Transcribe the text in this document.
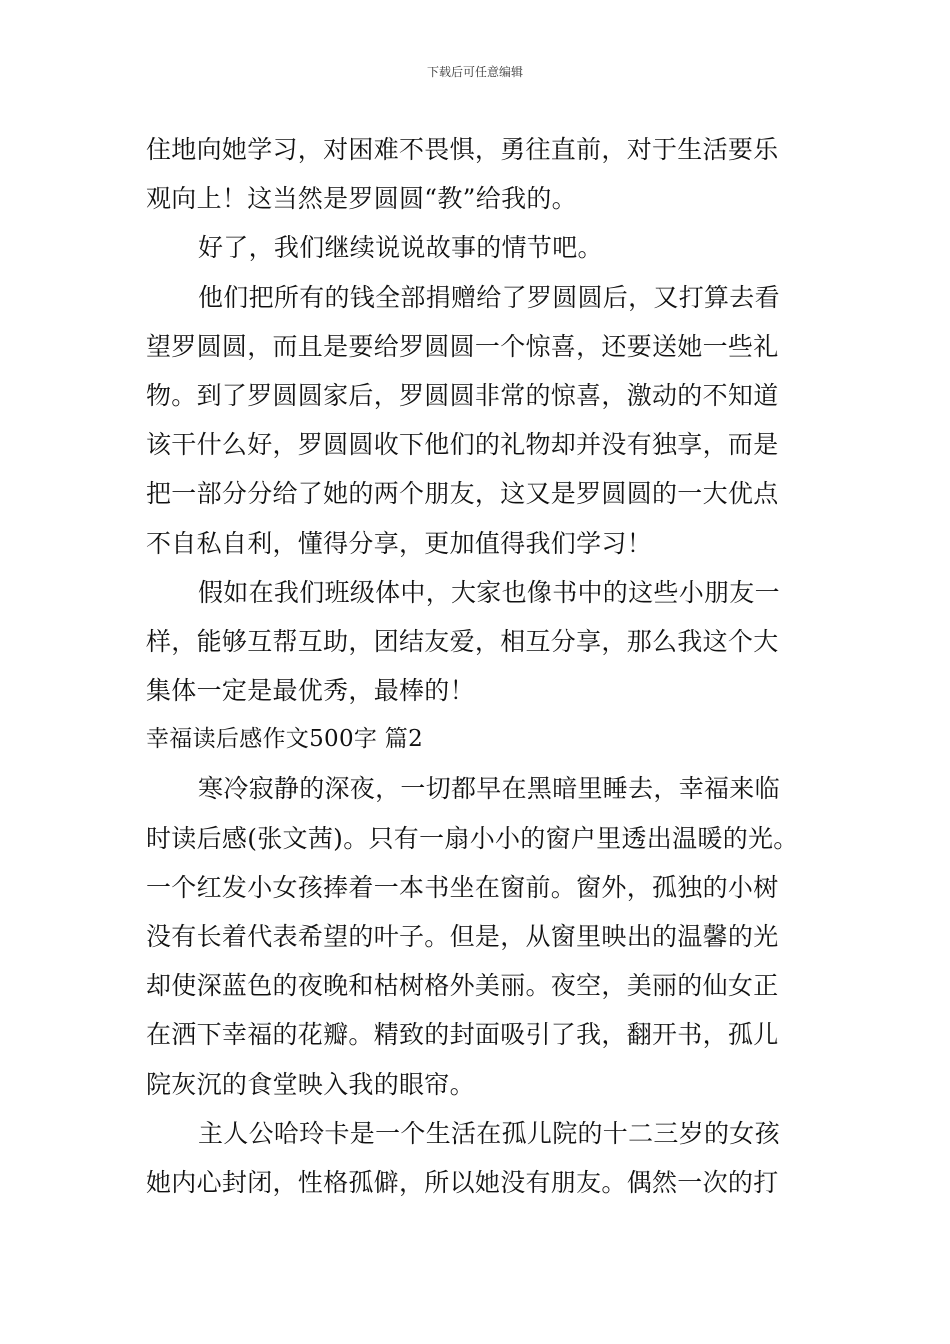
下载后可任意编辑
住地向她学习，对困难不畏惧，勇往直前，对于生活要乐
观向上！这当然是罗圆圆“教”给我的。
好了，我们继续说说故事的情节吧。
他们把所有的钱全部捐赠给了罗圆圆后，又打算去看
望罗圆圆，而且是要给罗圆圆一个惊喜，还要送她一些礼
物。到了罗圆圆家后，罗圆圆非常的惊喜，激动的不知道
该干什么好，罗圆圆收下他们的礼物却并没有独享，而是
把一部分分给了她的两个朋友，这又是罗圆圆的一大优点
不自私自利，懂得分享，更加值得我们学习！
假如在我们班级体中，大家也像书中的这些小朋友一
样，能够互帮互助，团结友爱，相互分享，那么我这个大
集体一定是最优秀，最棒的！
幸福读后感作文500字 篇2
寒冷寂静的深夜，一切都早在黑暗里睡去，幸福来临
时读后感(张文茜)。只有一扇小小的窗户里透出温暖的光。
一个红发小女孩捧着一本书坐在窗前。窗外，孤独的小树
没有长着代表希望的叶子。但是，从窗里映出的温馨的光
却使深蓝色的夜晚和枯树格外美丽。夜空，美丽的仙女正
在洒下幸福的花瓣。精致的封面吸引了我，翻开书，孤儿
院灰沉的食堂映入我的眼帘。
主人公哈玲卡是一个生活在孤儿院的十二三岁的女孩
她内心封闭，性格孤僻，所以她没有朋友。偶然一次的打
